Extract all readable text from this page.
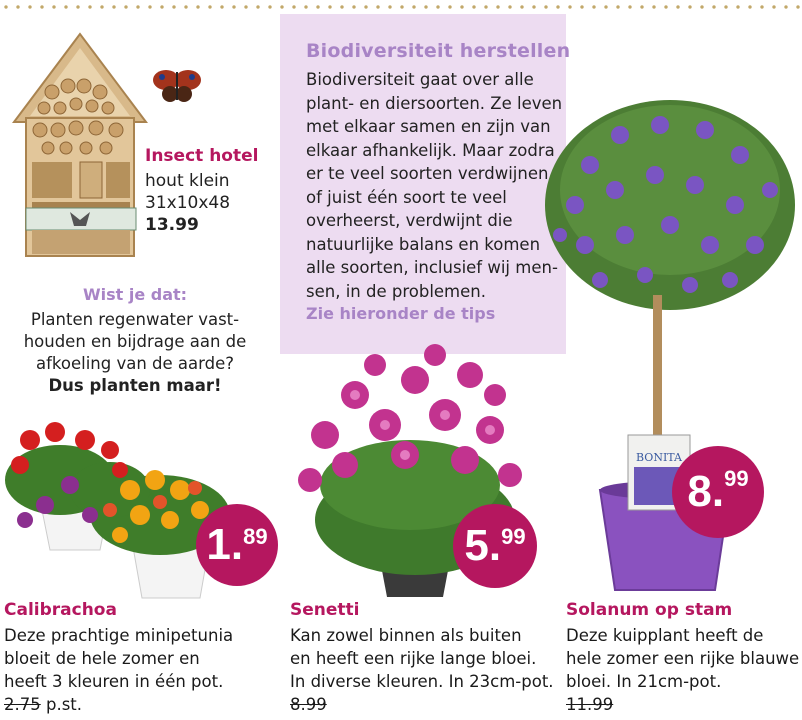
Insect hotel
hout klein
31x10x48
13.99
Biodiversiteit herstellen
Biodiversiteit gaat over alle
plant- en diersoorten. Ze leven
met elkaar samen en zijn van
elkaar afhankelijk. Maar zodra
er te veel soorten verdwijnen
of juist één soort te veel
overheerst, verdwijnt die
natuurlijke balans en komen
alle soorten, inclusief wij men-
sen, in de problemen.
Zie hieronder de tips
Wist je dat:
Planten regenwater vast-
houden en bijdrage aan de
afkoeling van de aarde?
Dus planten maar!
BONITA
1 . 89	5 . 99
8 . 99
Calibrachoa
Deze prachtige minipetunia
bloeit de hele zomer en
heeft 3 kleuren in één pot.
2.75 p.st.
Senetti
Kan zowel binnen als buiten
en heeft een rijke lange bloei.
In diverse kleuren. In 23cm-pot.
8.99
Solanum op stam
Deze kuipplant heeft de
hele zomer een rijke blauwe
bloei. In 21cm-pot.
11.99
